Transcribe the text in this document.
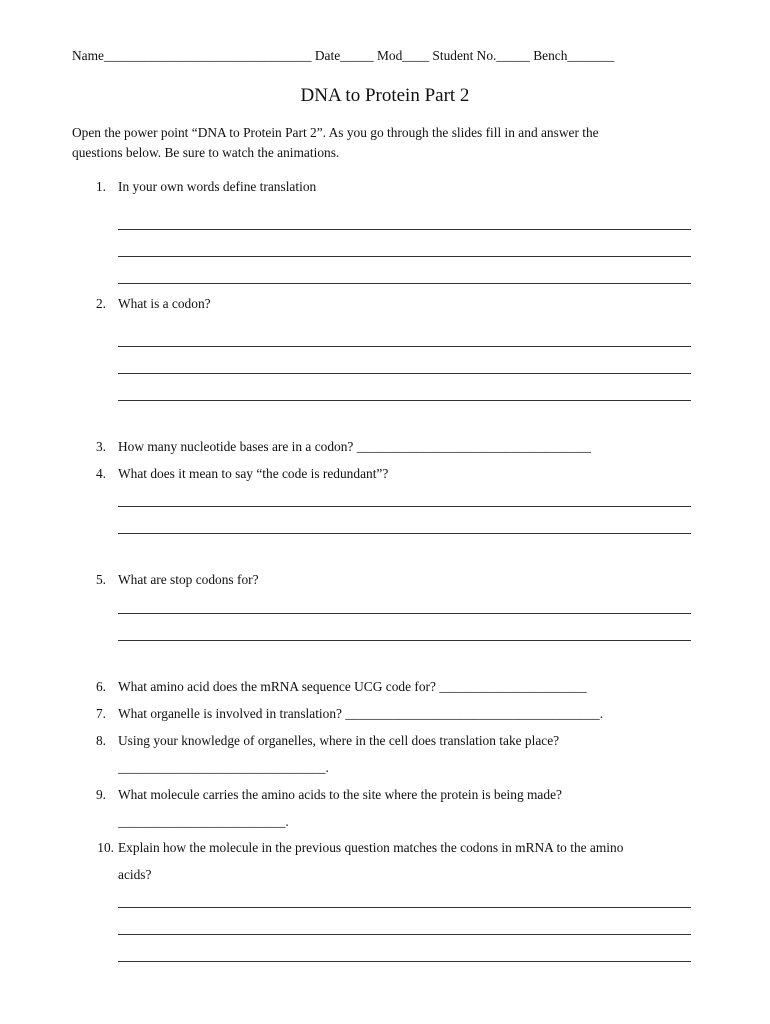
Name_______________________________ Date_____ Mod____ Student No._____ Bench_______
DNA to Protein Part 2
Open the power point “DNA to Protein Part 2”. As you go through the slides fill in and answer the
questions below. Be sure to watch the animations.
1. In your own words define translation
2. What is a codon?
3. How many nucleotide bases are in a codon? ___________________________________
4. What does it mean to say “the code is redundant”?
5. What are stop codons for?
6. What amino acid does the mRNA sequence UCG code for? ______________________
7. What organelle is involved in translation? ______________________________________.
8. Using your knowledge of organelles, where in the cell does translation take place?
_______________________________.
9. What molecule carries the amino acids to the site where the protein is being made?
_________________________.
10. Explain how the molecule in the previous question matches the codons in mRNA to the amino
acids?
